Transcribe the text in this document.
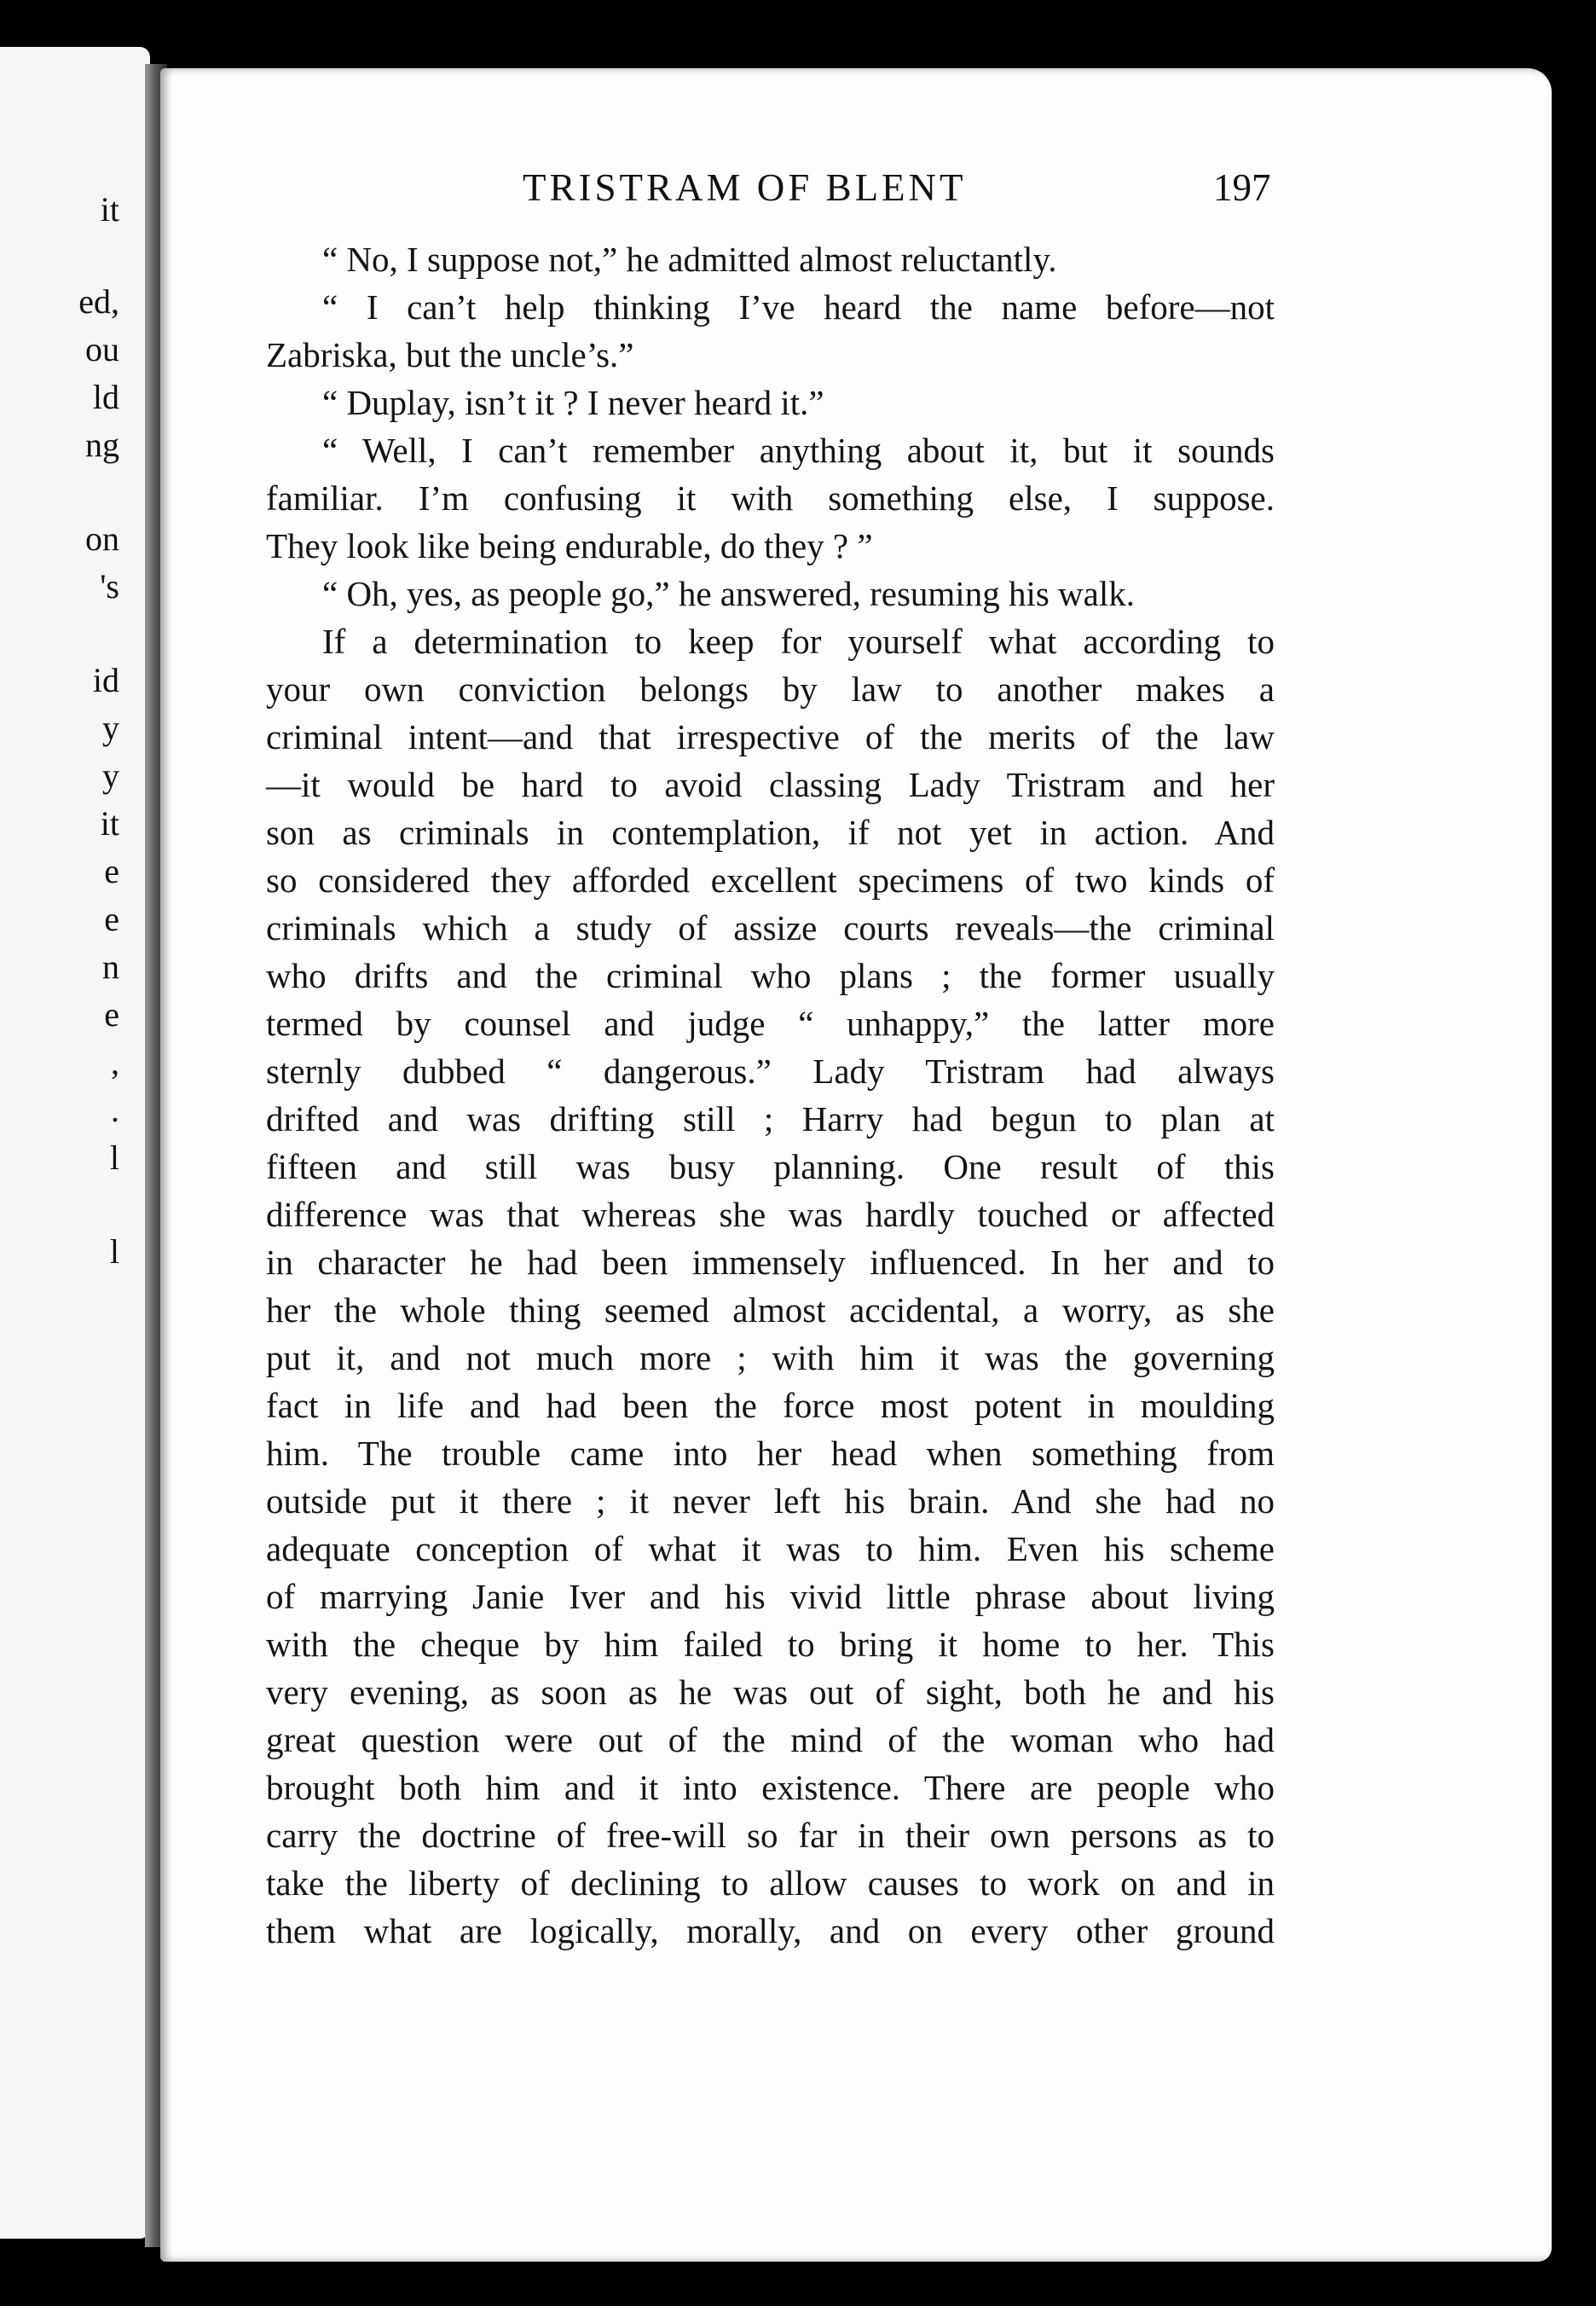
it
ed,
ou
ld
ng
on
's
id
y
y
it
e
e
n
e
,
.
l
l
TRISTRAM OF BLENT	197
“ No, I suppose not,” he admitted almost reluctantly.
“ I can’t help thinking I’ve heard the name before—not
Zabriska, but the uncle’s.”
“ Duplay, isn’t it ? I never heard it.”
“ Well, I can’t remember anything about it, but it sounds
familiar. I’m confusing it with something else, I suppose.
They look like being endurable, do they ? ”
“ Oh, yes, as people go,” he answered, resuming his walk.
If a determination to keep for yourself what according to
your own conviction belongs by law to another makes a
criminal intent—and that irrespective of the merits of the law
—it would be hard to avoid classing Lady Tristram and her
son as criminals in contemplation, if not yet in action. And
so considered they afforded excellent specimens of two kinds of
criminals which a study of assize courts reveals—the criminal
who drifts and the criminal who plans ; the former usually
termed by counsel and judge “ unhappy,” the latter more
sternly dubbed “ dangerous.” Lady Tristram had always
drifted and was drifting still ; Harry had begun to plan at
fifteen and still was busy planning. One result of this
difference was that whereas she was hardly touched or affected
in character he had been immensely influenced. In her and to
her the whole thing seemed almost accidental, a worry, as she
put it, and not much more ; with him it was the governing
fact in life and had been the force most potent in moulding
him. The trouble came into her head when something from
outside put it there ; it never left his brain. And she had no
adequate conception of what it was to him. Even his scheme
of marrying Janie Iver and his vivid little phrase about living
with the cheque by him failed to bring it home to her. This
very evening, as soon as he was out of sight, both he and his
great question were out of the mind of the woman who had
brought both him and it into existence. There are people who
carry the doctrine of free-will so far in their own persons as to
take the liberty of declining to allow causes to work on and in
them what are logically, morally, and on every other ground
